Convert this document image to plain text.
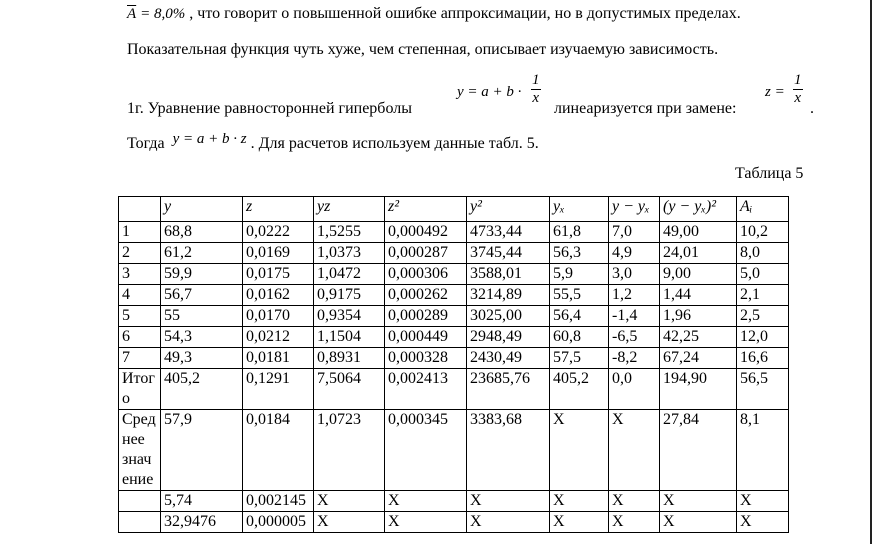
$\overline{A} = 8,0\%$ , что говорит о повышенной ошибке аппроксимации, но в допустимых пределах.
Показательная функция чуть хуже, чем степенная, описывает изучаемую зависимость.
1г. Уравнение равносторонней гиперболы
$y = a + b \cdot \frac{1}{x}$
линеаризуется при замене:
$z = \frac{1}{x}$
.
Тогда y = a + b · z . Для расчетов используем данные табл. 5.
Таблица 5
	y	z	yz	z²	y²	yₓ	y − yₓ	(y − yₓ)²	Aᵢ
1	68,8	0,0222	1,5255	0,000492	4733,44	61,8	7,0	49,00	10,2
2	61,2	0,0169	1,0373	0,000287	3745,44	56,3	4,9	24,01	8,0
3	59,9	0,0175	1,0472	0,000306	3588,01	5,9	3,0	9,00	5,0
4	56,7	0,0162	0,9175	0,000262	3214,89	55,5	1,2	1,44	2,1
5	55	0,0170	0,9354	0,000289	3025,00	56,4	-1,4	1,96	2,5
6	54,3	0,0212	1,1504	0,000449	2948,49	60,8	-6,5	42,25	12,0
7	49,3	0,0181	0,8931	0,000328	2430,49	57,5	-8,2	67,24	16,6
Итог
о	405,2	0,1291	7,5064	0,002413	23685,76	405,2	0,0	194,90	56,5
Сред
нее
знач
ение	57,9	0,0184	1,0723	0,000345	3383,68	X	X	27,84	8,1
	5,74	0,002145	X	X	X	X	X	X	X
	32,9476	0,000005	X	X	X	X	X	X	X
